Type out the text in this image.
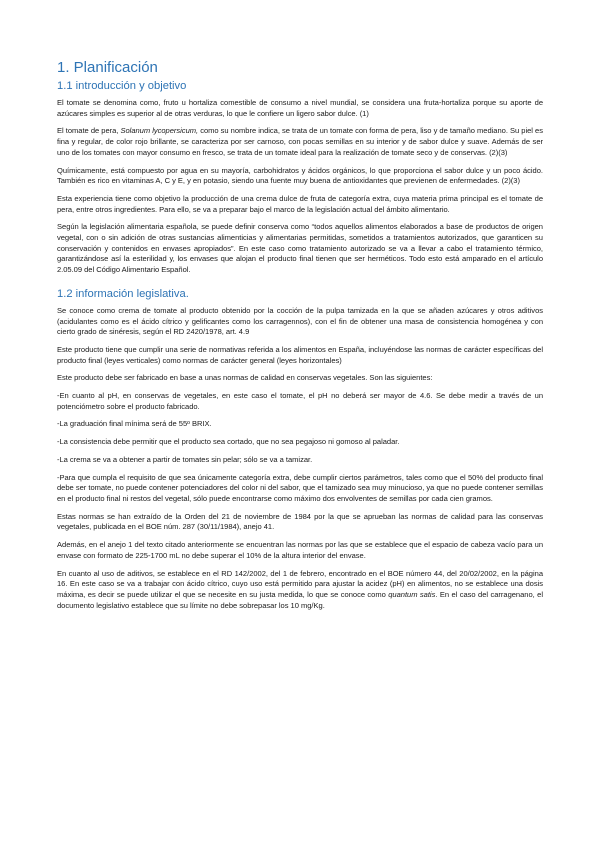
1. Planificación
1.1 introducción y objetivo

El tomate se denomina como, fruto u hortaliza comestible de consumo a nivel mundial, se considera una fruta-hortaliza porque su aporte de azúcares simples es superior al de otras verduras, lo que le confiere un ligero sabor dulce. (1)

El tomate de pera, Solanum lycopersicum, como su nombre indica, se trata de un tomate con forma de pera, liso y de tamaño mediano. Su piel es fina y regular, de color rojo brillante, se caracteriza por ser carnoso, con pocas semillas en su interior y de sabor dulce y suave. Además de ser uno de los tomates con mayor consumo en fresco, se trata de un tomate ideal para la realización de tomate seco y de conservas. (2)(3)

Químicamente, está compuesto por agua en su mayoría, carbohidratos y ácidos orgánicos, lo que proporciona el sabor dulce y un poco ácido. También es rico en vitaminas A, C y E, y en potasio, siendo una fuente muy buena de antioxidantes que previenen de enfermedades. (2)(3)

Esta experiencia tiene como objetivo la producción de una crema dulce de fruta de categoría extra, cuya materia prima principal es el tomate de pera, entre otros ingredientes. Para ello, se va a preparar bajo el marco de la legislación actual del ámbito alimentario.

Según la legislación alimentaria española, se puede definir conserva como “todos aquellos alimentos elaborados a base de productos de origen vegetal, con o sin adición de otras sustancias alimenticias y alimentarias permitidas, sometidos a tratamientos autorizados, que garanticen su conservación y contenidos en envases apropiados”. En este caso como tratamiento autorizado se va a llevar a cabo el tratamiento térmico, garantizándose así la esterilidad y, los envases que alojan el producto final tienen que ser herméticos. Todo esto está amparado en el artículo 2.05.09 del Código Alimentario Español.

1.2 información legislativa.

Se conoce como crema de tomate al producto obtenido por la cocción de la pulpa tamizada en la que se añaden azúcares y otros aditivos (acidulantes como es el ácido cítrico y gelificantes como los carragennos), con el fin de obtener una masa de consistencia homogénea y con cierto grado de sinéresis, según el RD 2420/1978, art. 4.9

Este producto tiene que cumplir una serie de normativas referida a los alimentos en España, incluyéndose las normas de carácter específicas del producto final (leyes verticales) como normas de carácter general (leyes horizontales)

Este producto debe ser fabricado en base a unas normas de calidad en conservas vegetales. Son las siguientes:

-En cuanto al pH, en conservas de vegetales, en este caso el tomate, el pH no deberá ser mayor de 4.6. Se debe medir a través de un potenciómetro sobre el producto fabricado.

-La graduación final mínima será de 55º BRIX.

-La consistencia debe permitir que el producto sea cortado, que no sea pegajoso ni gomoso al paladar.

-La crema se va a obtener a partir de tomates sin pelar; sólo se va a tamizar.

-Para que cumpla el requisito de que sea únicamente categoría extra, debe cumplir ciertos parámetros, tales como que el 50% del producto final debe ser tomate, no puede contener potenciadores del color ni del sabor, que el tamizado sea muy minucioso, ya que no puede contener semillas en el producto final ni restos del vegetal, sólo puede encontrarse como máximo dos envolventes de semillas por cada cien gramos.

Estas normas se han extraído de la Orden del 21 de noviembre de 1984 por la que se aprueban las normas de calidad para las conservas vegetales, publicada en el BOE núm. 287 (30/11/1984), anejo 41.

Además, en el anejo 1 del texto citado anteriormente se encuentran las normas por las que se establece que el espacio de cabeza vacío para un envase con formato de 225-1700 mL no debe superar el 10% de la altura interior del envase.

En cuanto al uso de aditivos, se establece en el RD 142/2002, del 1 de febrero, encontrado en el BOE número 44, del 20/02/2002, en la página 16. En este caso se va a trabajar con ácido cítrico, cuyo uso está permitido para ajustar la acidez (pH) en alimentos, no se establece una dosis máxima, es decir se puede utilizar el que se necesite en su justa medida, lo que se conoce como quantum satis. En el caso del carragenano, el documento legislativo establece que su límite no debe sobrepasar los 10 mg/Kg.
